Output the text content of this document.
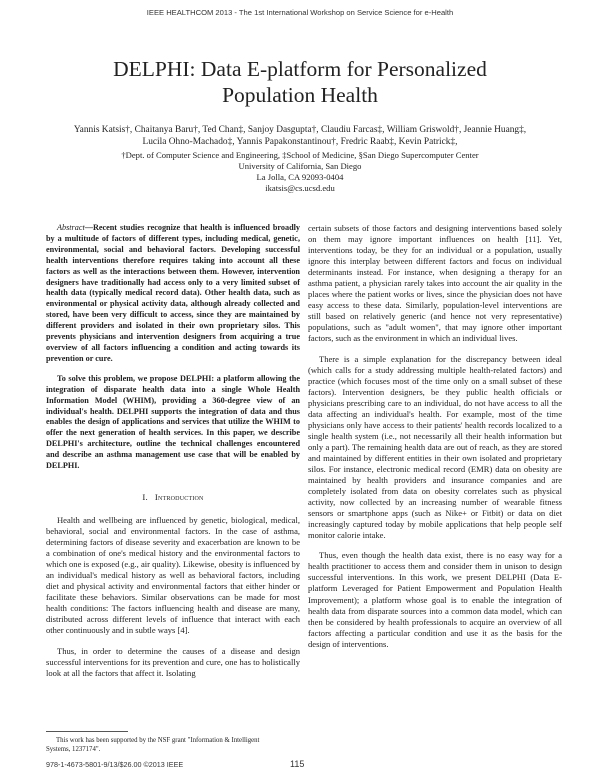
IEEE HEALTHCOM 2013 - The 1st International Workshop on Service Science for e-Health
DELPHI: Data E-platform for Personalized
Population Health
Yannis Katsis†, Chaitanya Baru†, Ted Chan‡, Sanjoy Dasgupta†, Claudiu Farcas‡, William Griswold†, Jeannie Huang‡,
Lucila Ohno-Machado‡, Yannis Papakonstantinou†, Fredric Raab‡, Kevin Patrick‡,
†Dept. of Computer Science and Engineering, ‡School of Medicine, §San Diego Supercomputer Center
University of California, San Diego
La Jolla, CA 92093-0404
ikatsis@cs.ucsd.edu

Abstract—Recent studies recognize that health is influenced broadly by a multitude of factors of different types, including medical, genetic, environmental, social and behavioral factors. Developing successful health interventions therefore requires taking into account all these factors as well as the interactions between them. However, intervention designers have traditionally had access only to a very limited subset of health data (typically medical record data). Other health data, such as environmental or physical activity data, although already collected and stored, have been very difficult to access, since they are maintained by different providers and isolated in their own proprietary silos. This prevents physicians and intervention designers from acquiring a true overview of all factors influencing a condition and acting towards its prevention or cure.

To solve this problem, we propose DELPHI: a platform allowing the integration of disparate health data into a single Whole Health Information Model (WHIM), providing a 360-degree view of an individual's health. DELPHI supports the integration of data and thus enables the design of applications and services that utilize the WHIM to offer the next generation of health services. In this paper, we describe DELPHI's architecture, outline the technical challenges encountered and describe an asthma management use case that will be enabled by DELPHI.

I. Introduction

Health and wellbeing are influenced by genetic, biological, medical, behavioral, social and environmental factors. In the case of asthma, determining factors of disease severity and exacerbation are known to be a combination of one's medical history and the environmental factors to which one is exposed (e.g., air quality). Likewise, obesity is influenced by an individual's medical history as well as behavioral factors, including diet and physical activity and environmental factors that either hinder or facilitate these behaviors. Similar observations can be made for most health conditions: The factors influencing health and disease are many, distributed across different levels of influence that interact with each other continuously and in subtle ways [4].

Thus, in order to determine the causes of a disease and design successful interventions for its prevention and cure, one has to holistically look at all the factors that affect it. Isolating

certain subsets of those factors and designing interventions based solely on them may ignore important influences on health [11]. Yet, interventions today, be they for an individual or a population, usually ignore this interplay between different factors and focus on individual determinants instead. For instance, when designing a therapy for an asthma patient, a physician rarely takes into account the air quality in the places where the patient works or lives, since the physician does not have easy access to these data. Similarly, population-level interventions are still based on relatively generic (and hence not very representative) populations, such as "adult women", that may ignore other important factors, such as the environment in which an individual lives.

There is a simple explanation for the discrepancy between ideal (which calls for a study addressing multiple health-related factors) and practice (which focuses most of the time only on a small subset of these factors). Intervention designers, be they public health officials or physicians prescribing care to an individual, do not have access to all the data affecting an individual's health. For example, most of the time physicians only have access to their patients' health records localized to a single health system (i.e., not necessarily all their health information but only a part). The remaining health data are out of reach, as they are stored and maintained by different entities in their own isolated and proprietary silos. For instance, electronic medical record (EMR) data on obesity are maintained by health providers and insurance companies and are completely isolated from data on obesity correlates such as physical activity, now collected by an increasing number of wearable fitness sensors or smartphone apps (such as Nike+ or Fitbit) or data on diet increasingly captured today by mobile applications that help people self monitor calorie intake.

Thus, even though the health data exist, there is no easy way for a health practitioner to access them and consider them in unison to design successful interventions. In this work, we present DELPHI (Data E-platform Leveraged for Patient Empowerment and Population Health Improvement); a platform whose goal is to enable the integration of health data from disparate sources into a common data model, which can then be considered by health professionals to acquire an overview of all factors affecting a particular condition and use it as the basis for the design of interventions.

This work has been supported by the NSF grant "Information & Intelligent
Systems, 1237174".
978-1-4673-5801-9/13/$26.00 ©2013 IEEE	115
